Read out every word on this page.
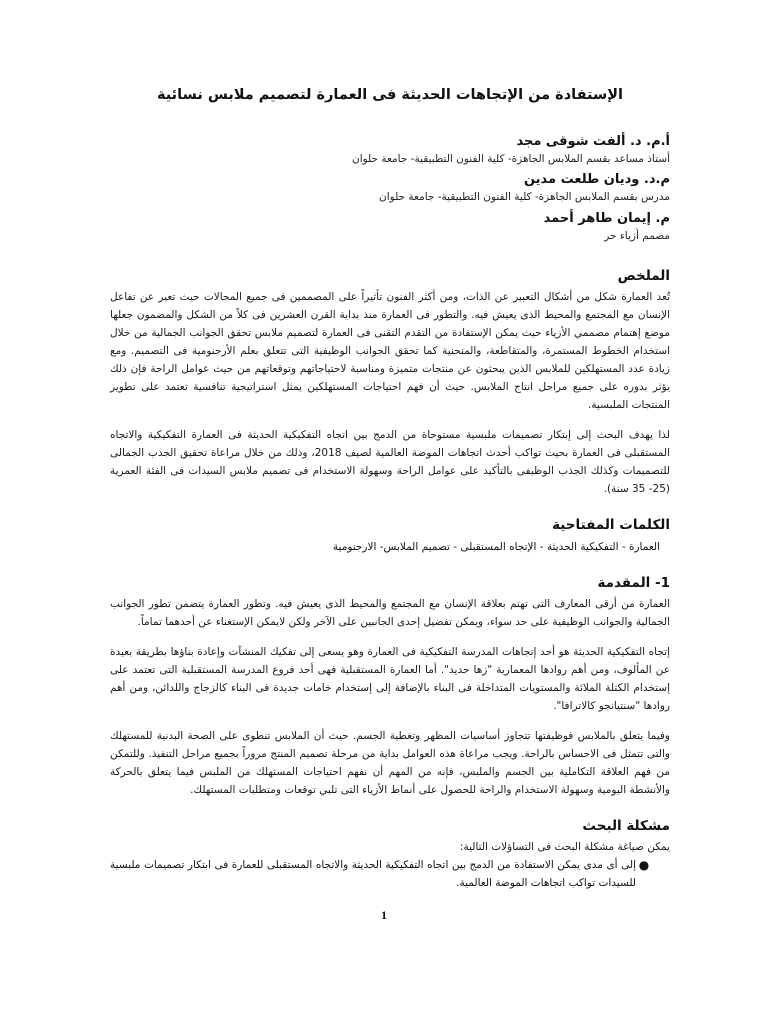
الإستفادة من الإتجاهات الحديثة فى العمارة لتصميم ملابس نسائية

أ.م. د. ألفت شوقى مجد

أستاذ مساعد بقسم الملابس الجاهزة- كلية الفنون التطبيقية- جامعة حلوان

م.د. وديان طلعت مدين

مدرس بقسم الملابس الجاهزة- كلية الفنون التطبيقية- جامعة حلوان

م. إيمان طاهر أحمد

مصمم أزياء حر

الملخص

تُعد العمارة شكل من أشكال التعبير عن الذات، ومن أكثر الفنون تأثيراً على المصممين فى جميع المجالات حيث تعبر عن تفاعل الإنسان مع المجتمع والمحيط الذى يعيش فيه. والتطور فى العمارة منذ بداية القرن العشرين فى كلاً من الشكل والمضمون جعلها موضع إهتمام مصممي الأزياء حيث يمكن الإستفادة من التقدم التقنى فى العمارة لتصميم ملابس تحقق الجوانب الجمالية من خلال استخدام الخطوط المستمرة، والمتقاطعة، والمنحنية كما تحقق الجوانب الوظيفية التى تتعلق بعلم الأرجنومية فى التصميم. ومع زيادة عدد المستهلكين للملابس الذين يبحثون عن منتجات متميزة ومناسبة لاحتياجاتهم وتوقعاتهم من حيث عوامل الراحة فإن ذلك يؤثر بدوره على جميع مراحل انتاج الملابس. حيث أن فهم احتياجات المستهلكين يمثل استراتيجية تنافسية تعتمد على تطوير المنتجات الملبسية.

لذا يهدف البحث إلى إبتكار تصميمات ملبسية مستوحاة من الدمج بين اتجاه التفكيكية الحديثة فى العمارة التفكيكية والاتجاه المستقبلى فى العمارة بحيث تواكب أحدث اتجاهات الموضة العالمية لصيف 2018، وذلك من خلال مراعاة تحقيق الجذب الجمالى للتصميمات وكذلك الجذب الوظيفى بالتأكيد على عوامل الراحة وسهولة الاستخدام فى تصميم ملابس السيدات فى الفئة العمرية (25- 35 سنة).

الكلمات المفتاحية

العمارة - التفكيكية الحديثة - الإتجاه المستقبلى - تصميم الملابس- الارجنومية

1- المقدمة

العمارة من أرقى المعارف التى تهتم بعلاقة الإنسان مع المجتمع والمحيط الذى يعيش فيه. وتطور العمارة يتضمن تطور الجوانب الجمالية والجوانب الوظيفية على حد سواء، ويمكن تفضيل إحدى الجانبين على الآخر ولكن لايمكن الإستغناء عن أحدهما تماماً.

إتجاه التفكيكية الحديثة هو أحد إتجاهات المدرسة التفكيكية فى العمارة وهو يسعى إلى تفكيك المنشآت وإعادة بناؤها بطريقة بعيدة عن المألوف، ومن أهم روادها المعمارية "زها حديد". أما العمارة المستقبلية فهى أحد فروع المدرسة المستقبلية التى تعتمد على إستخدام الكتلة الملائة والمستويات المتداخلة فى البناء بالإضافة إلى إستخدام خامات جديدة فى البناء كالزجاج واللدائن، ومن أهم روادها "سنتيانجو كالاترافا".

وفيما يتعلق بالملابس فوظيفتها تتجاوز أساسيات المظهر وتغطية الجسم. حيث أن الملابس تنطوى على الصحة البدنية للمستهلك والتى تتمثل فى الاحساس بالراحة. ويجب مراعاة هذه العوامل بداية من مرحلة تصميم المنتج مروراً بجميع مراحل التنفيذ. وللتمكن من فهم العلاقة التكاملية بين الجسم والملبس، فإنه من المهم أن نفهم احتياجات المستهلك من الملبس فيما يتعلق بالحركة والأنشطة اليومية وسهولة الاستخدام والراحة للحصول على أنماط الأزياء التى تلبي توقعات ومتطلبات المستهلك.

مشكلة البحث

يمكن صياغة مشكلة البحث فى التساؤلات التالية:

●
إلى أى مدى يمكن الاستفادة من الدمج بين اتجاه التفكيكية الحديثة والاتجاه المستقبلى للعمارة فى ابتكار تصميمات ملبسية للسيدات تواكب اتجاهات الموضة العالمية.
1
